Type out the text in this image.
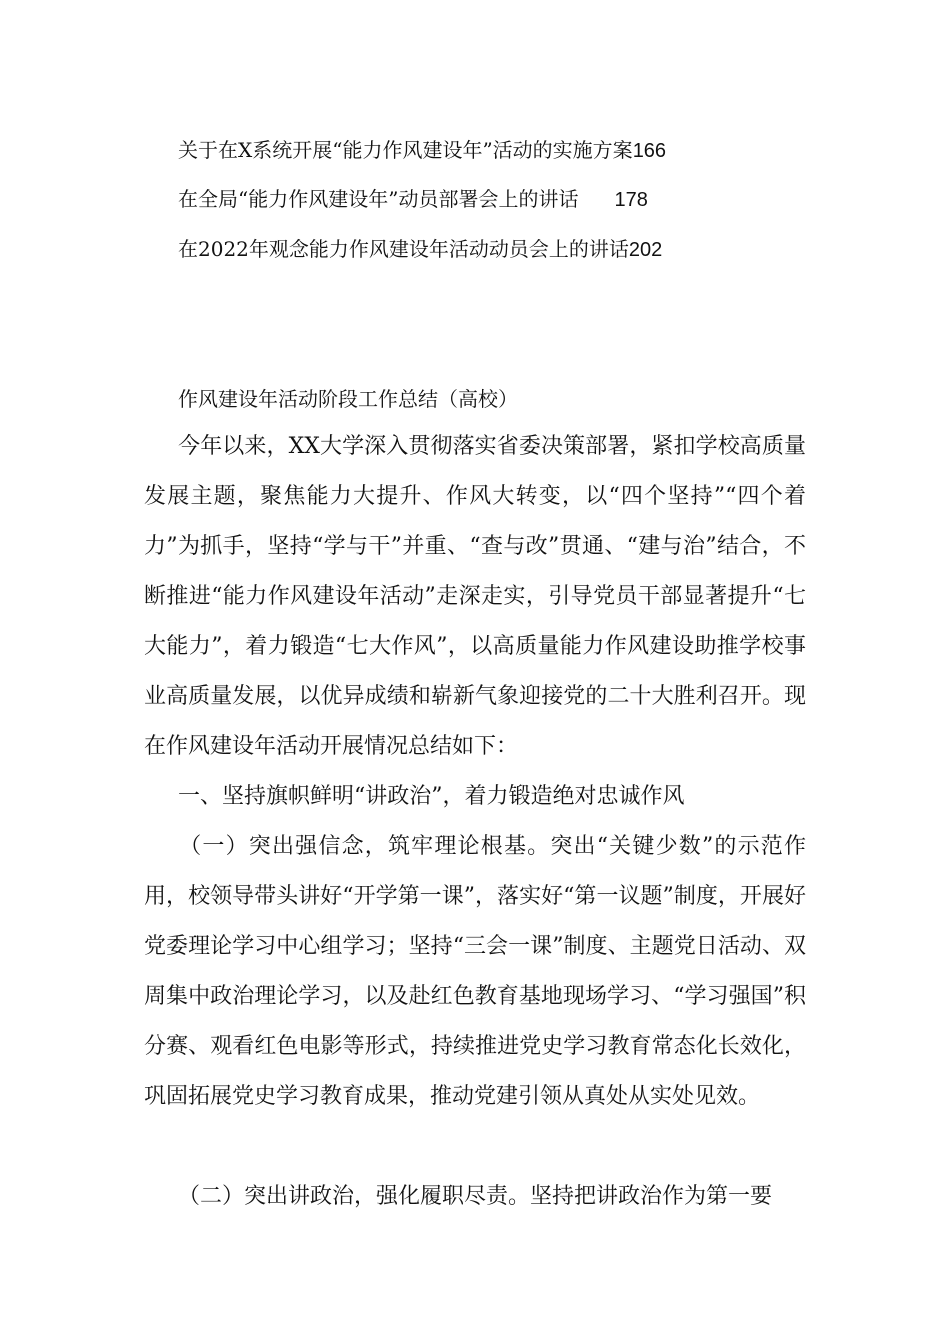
关于在X系统开展“能力作风建设年”活动的实施方案166
在全局“能力作风建设年”动员部署会上的讲话 178
在2022年观念能力作风建设年活动动员会上的讲话202
作风建设年活动阶段工作总结（高校）
今年以来，XX大学深入贯彻落实省委决策部署，紧扣学校高质量发展主题，聚焦能力大提升、作风大转变，以“四个坚持”“四个着力”为抓手，坚持“学与干”并重、“查与改”贯通、“建与治”结合，不断推进“能力作风建设年活动”走深走实，引导党员干部显著提升“七大能力”，着力锻造“七大作风”，以高质量能力作风建设助推学校事业高质量发展，以优异成绩和崭新气象迎接党的二十大胜利召开。现在作风建设年活动开展情况总结如下：
一、坚持旗帜鲜明“讲政治”，着力锻造绝对忠诚作风
（一）突出强信念，筑牢理论根基。突出“关键少数”的示范作用，校领导带头讲好“开学第一课”，落实好“第一议题”制度，开展好党委理论学习中心组学习；坚持“三会一课”制度、主题党日活动、双周集中政治理论学习，以及赴红色教育基地现场学习、“学习强国”积分赛、观看红色电影等形式，持续推进党史学习教育常态化长效化，巩固拓展党史学习教育成果，推动党建引领从真处从实处见效。
（二）突出讲政治，强化履职尽责。坚持把讲政治作为第一要
